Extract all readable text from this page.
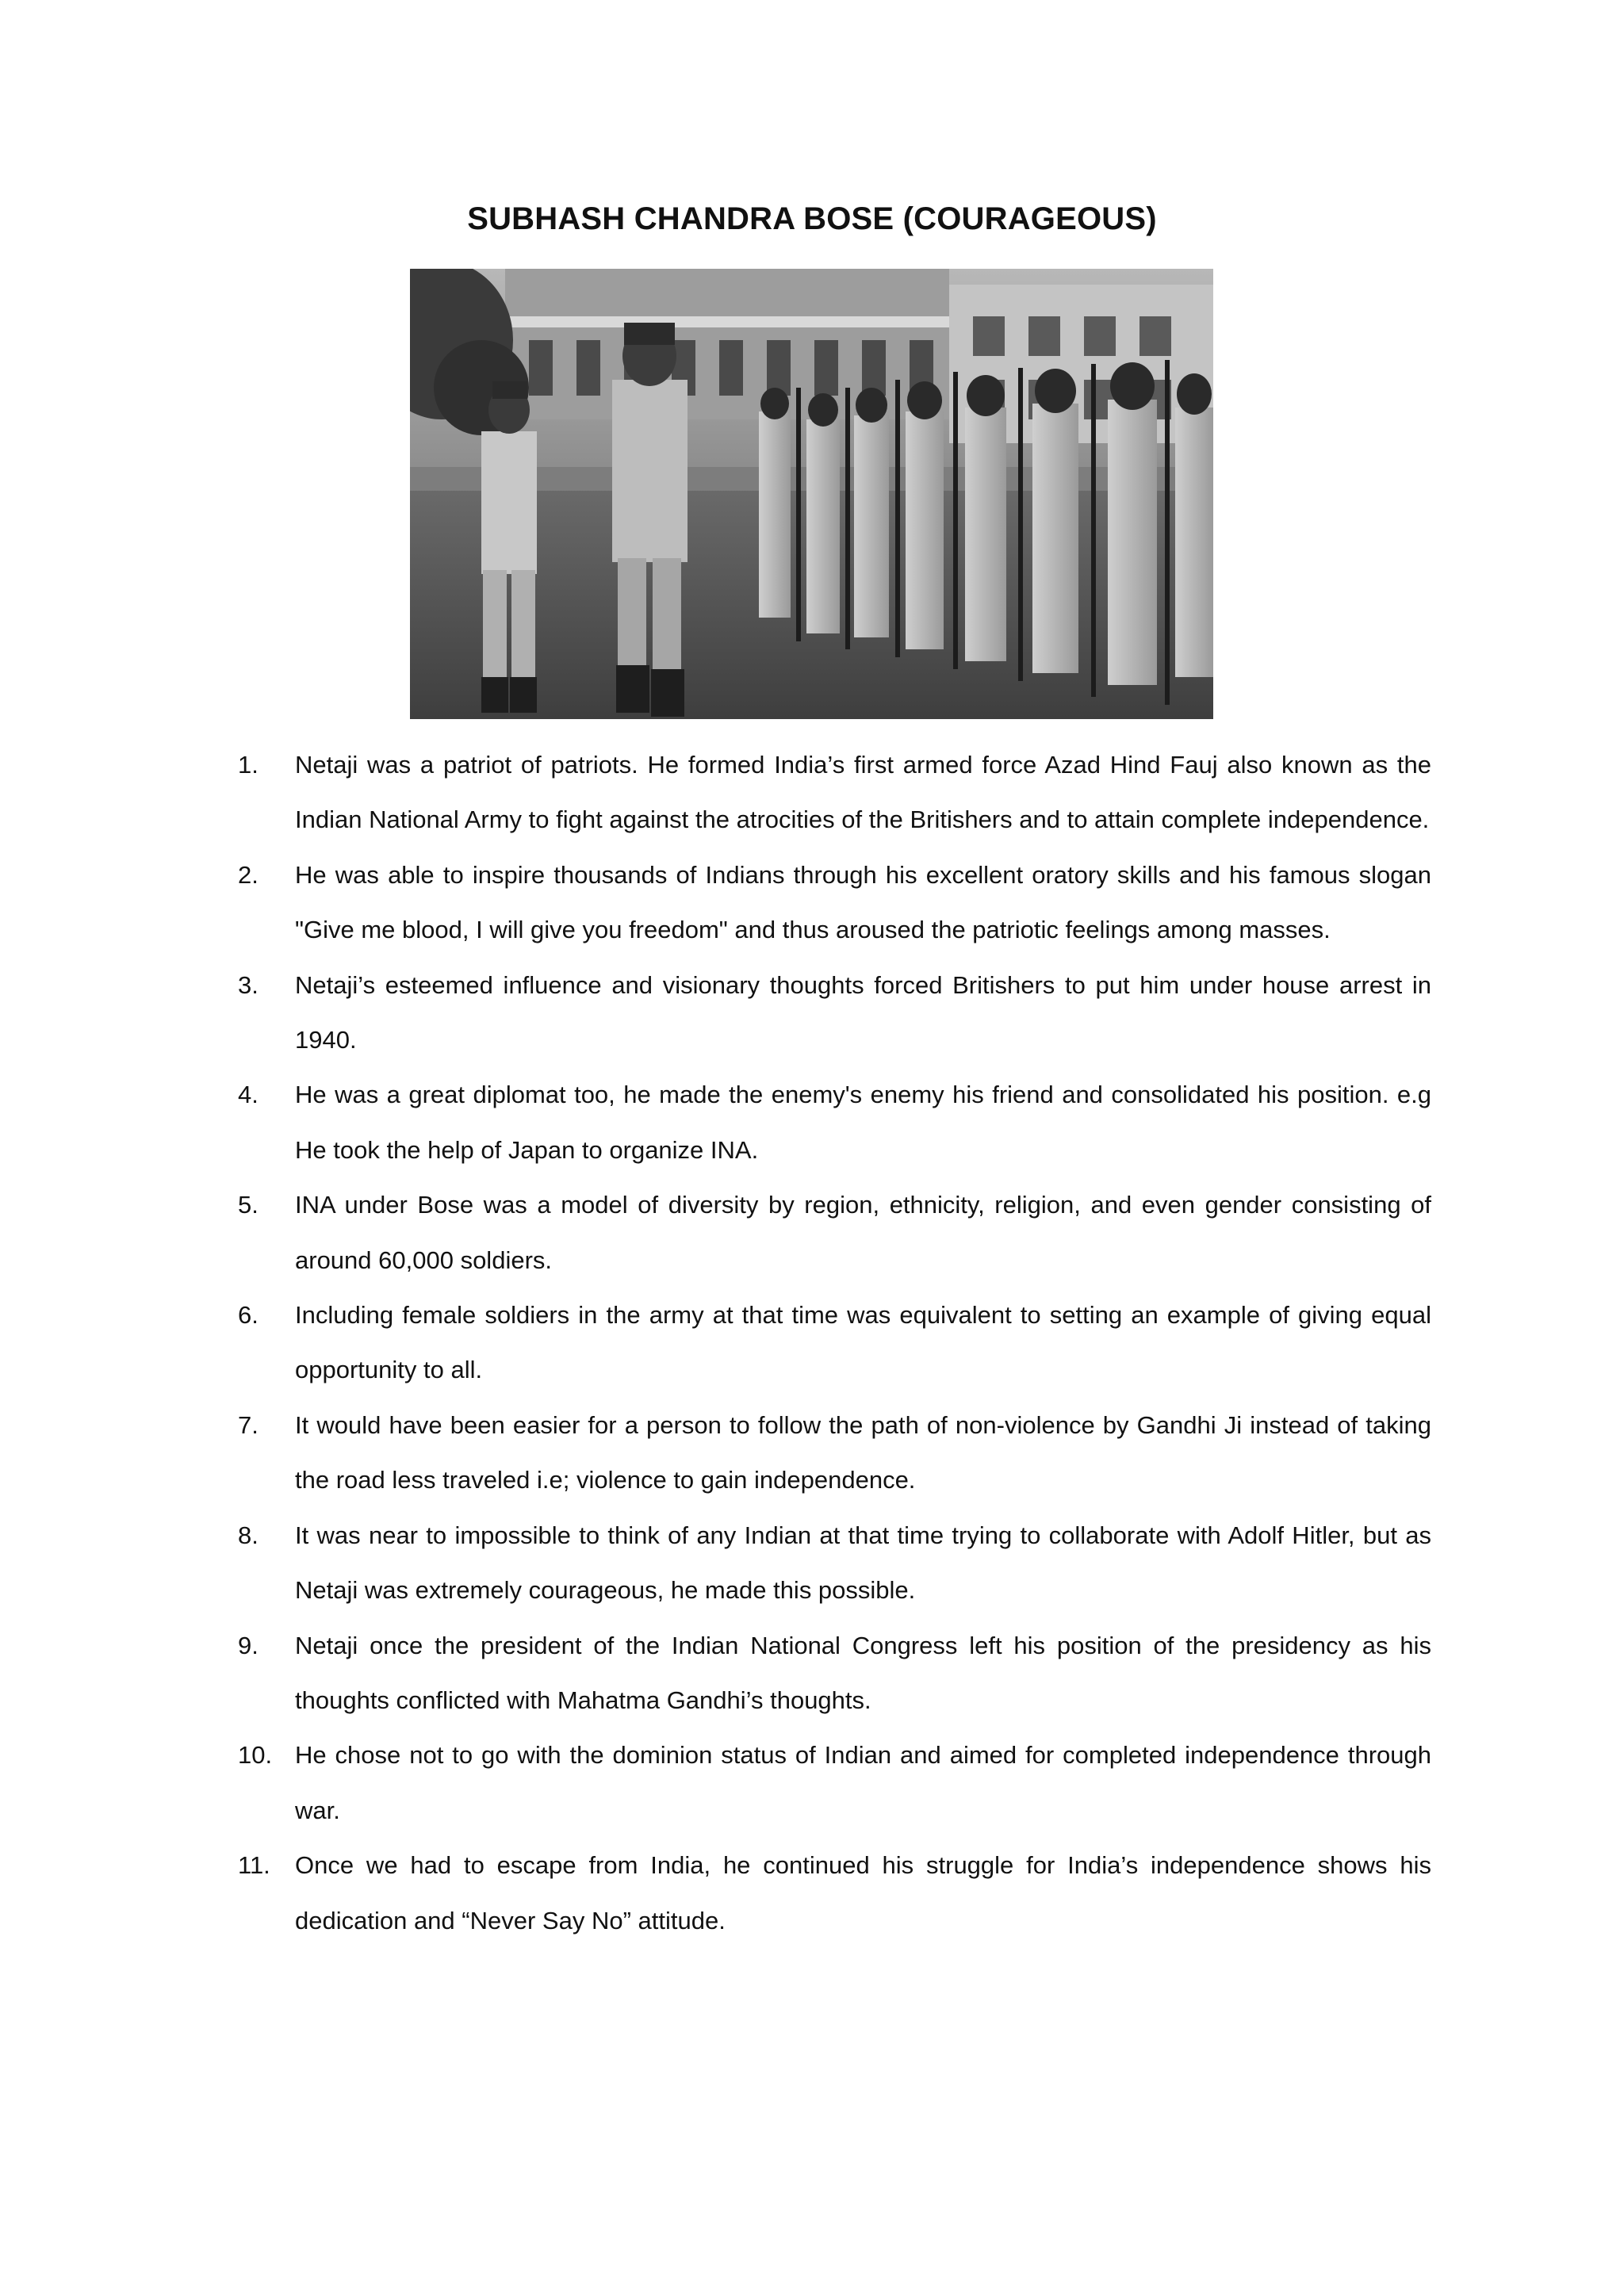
SUBHASH CHANDRA BOSE (COURAGEOUS)
1.	Netaji was a patriot of patriots. He formed India’s first armed force Azad Hind Fauj also known as the Indian National Army to fight against the atrocities of the Britishers and to attain complete independence.
2.	He was able to inspire thousands of Indians through his excellent oratory skills and his famous slogan "Give me blood, I will give you freedom" and thus aroused the patriotic feelings among masses.
3.	Netaji’s esteemed influence and visionary thoughts forced Britishers to put him under house arrest in 1940.
4.	He was a great diplomat too, he made the enemy's enemy his friend and consolidated his position. e.g He took the help of Japan to organize INA.
5.	INA under Bose was a model of diversity by region, ethnicity, religion, and even gender consisting of around 60,000 soldiers.
6.	Including female soldiers in the army at that time was equivalent to setting an example of giving equal opportunity to all.
7.	It would have been easier for a person to follow the path of non-violence by Gandhi Ji instead of taking the road less traveled i.e; violence to gain independence.
8.	It was near to impossible to think of any Indian at that time trying to collaborate with Adolf Hitler, but as Netaji was extremely courageous, he made this possible.
9.	Netaji once the president of the Indian National Congress left his position of the presidency as his thoughts conflicted with Mahatma Gandhi’s thoughts.
10. He chose not to go with the dominion status of Indian and aimed for completed independence through war.
11.	Once we had to escape from India, he continued his struggle for India’s independence shows his dedication and “Never Say No” attitude.
